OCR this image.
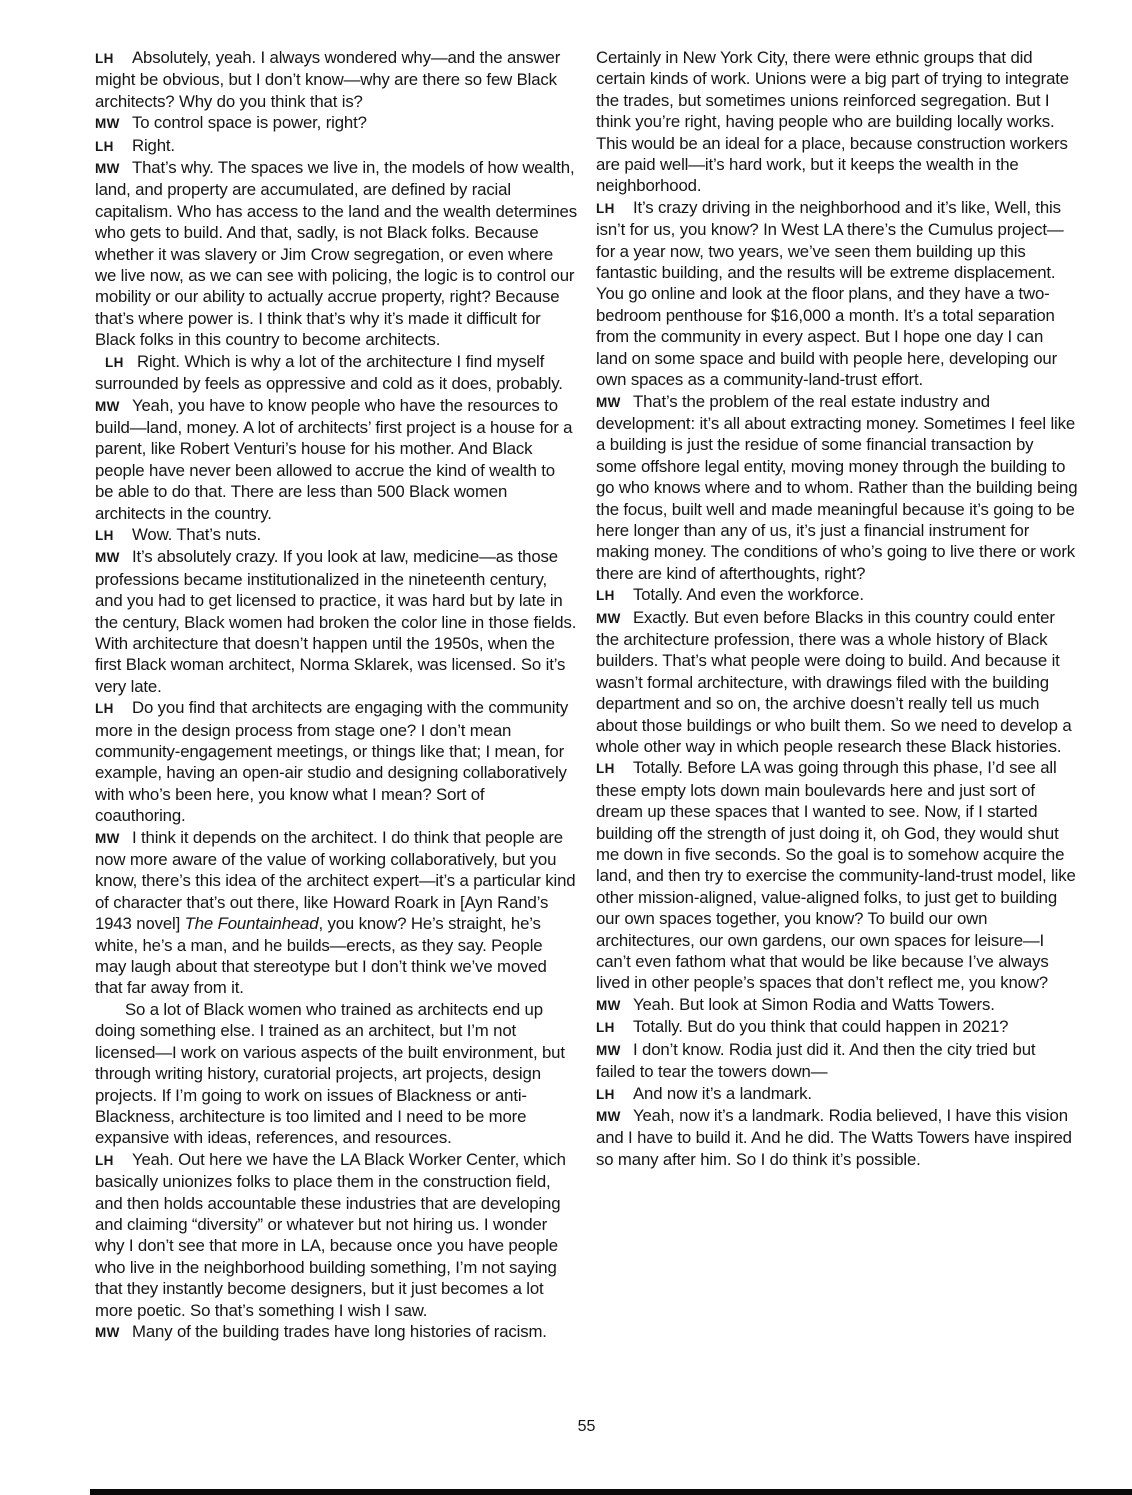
LH Absolutely, yeah. I always wondered why—and the answer might be obvious, but I don’t know—why are there so few Black architects? Why do you think that is?

MW To control space is power, right?

LH Right.

MW That’s why. The spaces we live in, the models of how wealth, land, and property are accumulated, are defined by racial capitalism. Who has access to the land and the wealth determines who gets to build. And that, sadly, is not Black folks. Because whether it was slavery or Jim Crow segregation, or even where we live now, as we can see with policing, the logic is to control our mobility or our ability to actually accrue property, right? Because that’s where power is. I think that’s why it’s made it difficult for Black folks in this country to become architects.

LH Right. Which is why a lot of the architecture I find myself surrounded by feels as oppressive and cold as it does, probably.

MW Yeah, you have to know people who have the resources to build—land, money. A lot of architects’ first project is a house for a parent, like Robert Venturi’s house for his mother. And Black people have never been allowed to accrue the kind of wealth to be able to do that. There are less than 500 Black women architects in the country.

LH Wow. That’s nuts.

MW It’s absolutely crazy. If you look at law, medicine—as those professions became institutionalized in the nineteenth century, and you had to get licensed to practice, it was hard but by late in the century, Black women had broken the color line in those fields. With architecture that doesn’t happen until the 1950s, when the first Black woman architect, Norma Sklarek, was licensed. So it’s very late.

LH Do you find that architects are engaging with the community more in the design process from stage one? I don’t mean community-engagement meetings, or things like that; I mean, for example, having an open-air studio and designing collaboratively with who’s been here, you know what I mean? Sort of coauthoring.

MW I think it depends on the architect. I do think that people are now more aware of the value of working collaboratively, but you know, there’s this idea of the architect expert—it’s a particular kind of character that’s out there, like Howard Roark in [Ayn Rand’s 1943 novel] The Fountainhead, you know? He’s straight, he’s white, he’s a man, and he builds—erects, as they say. People may laugh about that stereotype but I don’t think we’ve moved that far away from it.

So a lot of Black women who trained as architects end up doing something else. I trained as an architect, but I’m not licensed—I work on various aspects of the built environment, but through writing history, curatorial projects, art projects, design projects. If I’m going to work on issues of Blackness or anti-Blackness, architecture is too limited and I need to be more expansive with ideas, references, and resources.

LH Yeah. Out here we have the LA Black Worker Center, which basically unionizes folks to place them in the construction field, and then holds accountable these industries that are developing and claiming “diversity” or whatever but not hiring us. I wonder why I don’t see that more in LA, because once you have people who live in the neighborhood building something, I’m not saying that they instantly become designers, but it just becomes a lot more poetic. So that’s something I wish I saw.

MW Many of the building trades have long histories of racism.

Certainly in New York City, there were ethnic groups that did certain kinds of work. Unions were a big part of trying to integrate the trades, but sometimes unions reinforced segregation. But I think you’re right, having people who are building locally works. This would be an ideal for a place, because construction workers are paid well—it’s hard work, but it keeps the wealth in the neighborhood.

LH It’s crazy driving in the neighborhood and it’s like, Well, this isn’t for us, you know? In West LA there’s the Cumulus project—for a year now, two years, we’ve seen them building up this fantastic building, and the results will be extreme displacement. You go online and look at the floor plans, and they have a two-bedroom penthouse for $16,000 a month. It’s a total separation from the community in every aspect. But I hope one day I can land on some space and build with people here, developing our own spaces as a community-land-trust effort.

MW That’s the problem of the real estate industry and development: it’s all about extracting money. Sometimes I feel like a building is just the residue of some financial transaction by some offshore legal entity, moving money through the building to go who knows where and to whom. Rather than the building being the focus, built well and made meaningful because it’s going to be here longer than any of us, it’s just a financial instrument for making money. The conditions of who’s going to live there or work there are kind of afterthoughts, right?

LH Totally. And even the workforce.

MW Exactly. But even before Blacks in this country could enter the architecture profession, there was a whole history of Black builders. That’s what people were doing to build. And because it wasn’t formal architecture, with drawings filed with the building department and so on, the archive doesn’t really tell us much about those buildings or who built them. So we need to develop a whole other way in which people research these Black histories.

LH Totally. Before LA was going through this phase, I’d see all these empty lots down main boulevards here and just sort of dream up these spaces that I wanted to see. Now, if I started building off the strength of just doing it, oh God, they would shut me down in five seconds. So the goal is to somehow acquire the land, and then try to exercise the community-land-trust model, like other mission-aligned, value-aligned folks, to just get to building our own spaces together, you know? To build our own architectures, our own gardens, our own spaces for leisure—I can’t even fathom what that would be like because I’ve always lived in other people’s spaces that don’t reflect me, you know?

MW Yeah. But look at Simon Rodia and Watts Towers.

LH Totally. But do you think that could happen in 2021?

MW I don’t know. Rodia just did it. And then the city tried but failed to tear the towers down—

LH And now it’s a landmark.

MW Yeah, now it’s a landmark. Rodia believed, I have this vision and I have to build it. And he did. The Watts Towers have inspired so many after him. So I do think it’s possible.

55
